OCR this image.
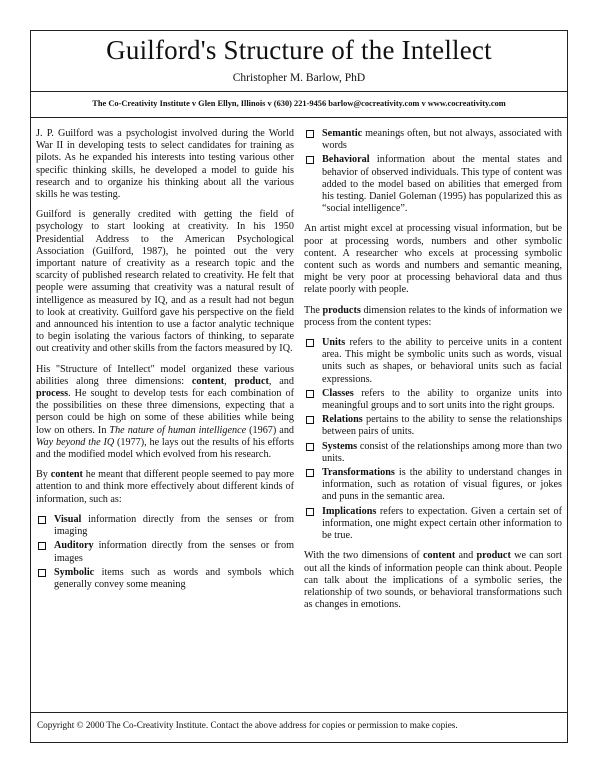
Guilford's Structure of the Intellect
Christopher M. Barlow, PhD
The Co-Creativity Institute v Glen Ellyn, Illinois v (630) 221-9456 barlow@cocreativity.com v www.cocreativity.com

J. P. Guilford was a psychologist involved during the World War II in developing tests to select candidates for training as pilots. As he expanded his interests into testing various other specific thinking skills, he developed a model to guide his research and to organize his thinking about all the various skills he was testing.

Guilford is generally credited with getting the field of psychology to start looking at creativity. In his 1950 Presidential Address to the American Psychological Association (Guilford, 1987), he pointed out the very important nature of creativity as a research topic and the scarcity of published research related to creativity. He felt that people were assuming that creativity was a natural result of intelligence as measured by IQ, and as a result had not begun to look at creativity. Guilford gave his perspective on the field and announced his intention to use a factor analytic technique to begin isolating the various factors of thinking, to separate out creativity and other skills from the factors measured by IQ.

His "Structure of Intellect" model organized these various abilities along three dimensions: content, product, and process. He sought to develop tests for each combination of the possibilities on these three dimensions, expecting that a person could be high on some of these abilities while being low on others. In The nature of human intelligence (1967) and Way beyond the IQ (1977), he lays out the results of his efforts and the modified model which evolved from his research.

By content he meant that different people seemed to pay more attention to and think more effectively about different kinds of information, such as:

Visual information directly from the senses or from imaging
Auditory information directly from the senses or from images
Symbolic items such as words and symbols which generally convey some meaning
Semantic meanings often, but not always, associated with words
Behavioral information about the mental states and behavior of observed individuals. This type of content was added to the model based on abilities that emerged from his testing. Daniel Goleman (1995) has popularized this as “social intelligence”.

An artist might excel at processing visual information, but be poor at processing words, numbers and other symbolic content. A researcher who excels at processing symbolic content such as words and numbers and semantic meaning, might be very poor at processing behavioral data and thus relate poorly with people.

The products dimension relates to the kinds of information we process from the content types:

Units refers to the ability to perceive units in a content area. This might be symbolic units such as words, visual units such as shapes, or behavioral units such as facial expressions.
Classes refers to the ability to organize units into meaningful groups and to sort units into the right groups.
Relations pertains to the ability to sense the relationships between pairs of units.
Systems consist of the relationships among more than two units.
Transformations is the ability to understand changes in information, such as rotation of visual figures, or jokes and puns in the semantic area.
Implications refers to expectation. Given a certain set of information, one might expect certain other information to be true.

With the two dimensions of content and product we can sort out all the kinds of information people can think about. People can talk about the implications of a symbolic series, the relationship of two sounds, or behavioral transformations such as changes in emotions.

Copyright © 2000 The Co-Creativity Institute. Contact the above address for copies or permission to make copies.
